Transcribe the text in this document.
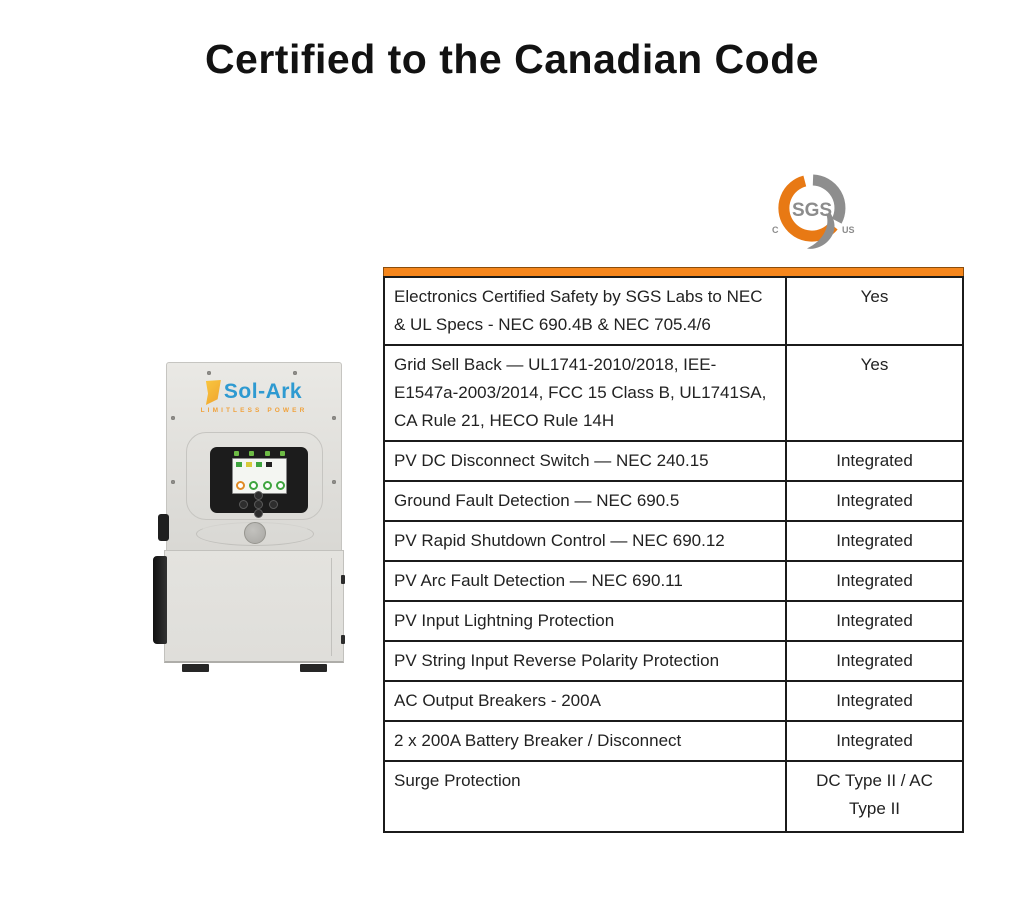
Certified to the Canadian Code
SGS
C	US
Sol-Ark
LIMITLESS POWER
Electronics Certified Safety by SGS Labs to NEC & UL Specs - NEC 690.4B & NEC 705.4/6	Yes
Grid Sell Back — UL1741-2010/2018, IEE-E1547a-2003/2014, FCC 15 Class B, UL1741SA, CA Rule 21, HECO Rule 14H	Yes
PV DC Disconnect Switch — NEC 240.15	Integrated
Ground Fault Detection — NEC 690.5	Integrated
PV Rapid Shutdown Control — NEC 690.12	Integrated
PV Arc Fault Detection — NEC 690.11	Integrated
PV Input Lightning Protection	Integrated
PV String Input Reverse Polarity Protection	Integrated
AC Output Breakers - 200A	Integrated
2 x 200A Battery Breaker / Disconnect	Integrated
Surge Protection	DC Type II / AC Type II
